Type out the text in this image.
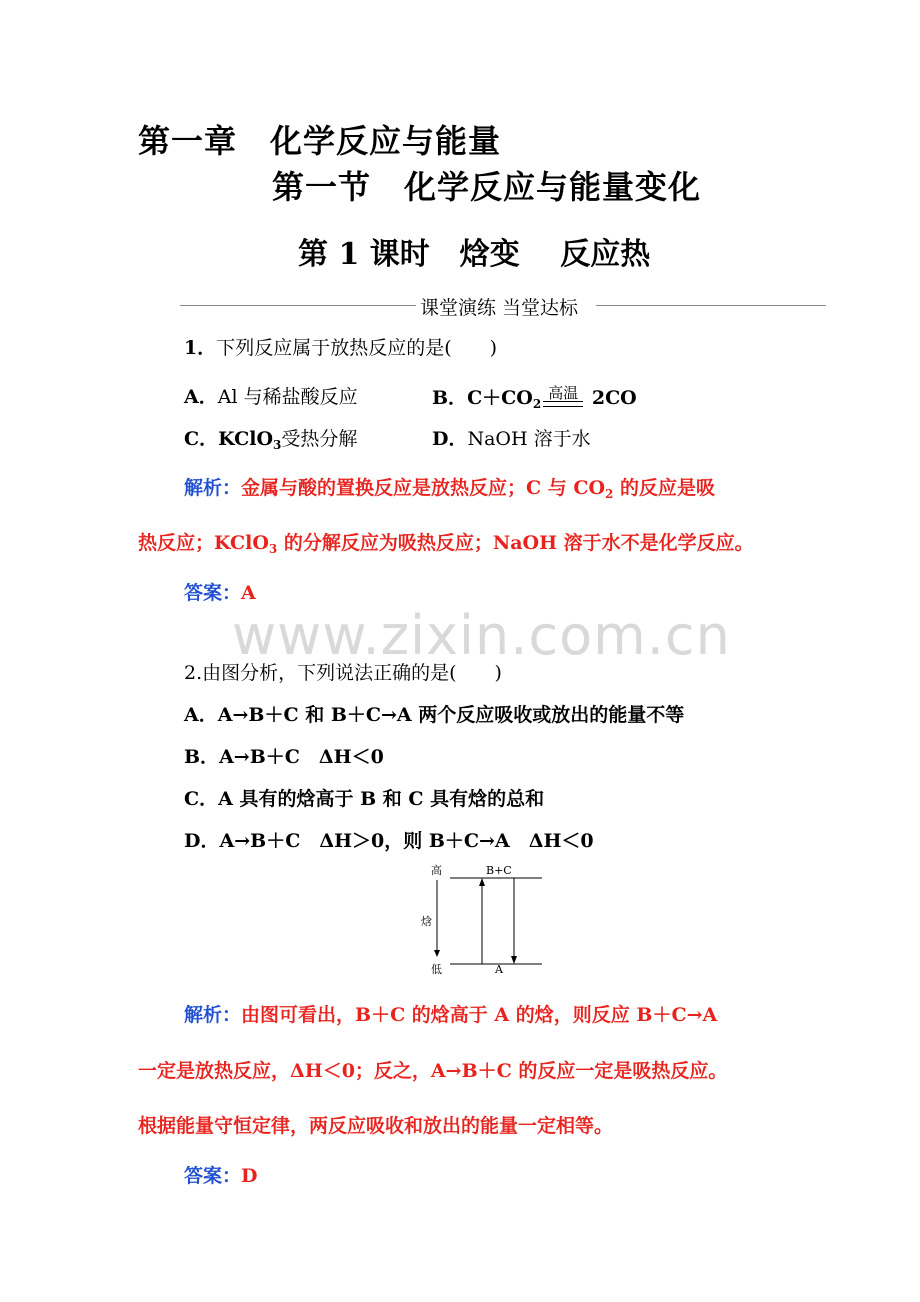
第一章　化学反应与能量
第一节　化学反应与能量变化
第 1 课时　焓变　 反应热
课堂演练 当堂达标
www.zixin.com.cn
1．下列反应属于放热反应的是(　　)
A．Al 与稀盐酸反应	B．$C+CO_2$高温 2CO
C．KClO$_3$受热分解	D．NaOH 溶于水
解析：金属与酸的置换反应是放热反应；C 与 $CO_2$ 的反应是吸
热反应；KClO$_3$ 的分解反应为吸热反应；NaOH 溶于水不是化学反应。
答案：A
2.由图分析，下列说法正确的是(　　)
A．A→B＋C 和 B＋C→A 两个反应吸收或放出的能量不等
B．A→B＋C　ΔH＜0
C．A 具有的焓高于 B 和 C 具有焓的总和
D．A→B＋C　ΔH＞0，则 B＋C→A　ΔH＜0
高	B+C
焓
低	A
解析：由图可看出，B＋C 的焓高于 A 的焓，则反应 B＋C→A
一定是放热反应，ΔH＜0；反之，A→B＋C 的反应一定是吸热反应。
根据能量守恒定律，两反应吸收和放出的能量一定相等。
答案：D
